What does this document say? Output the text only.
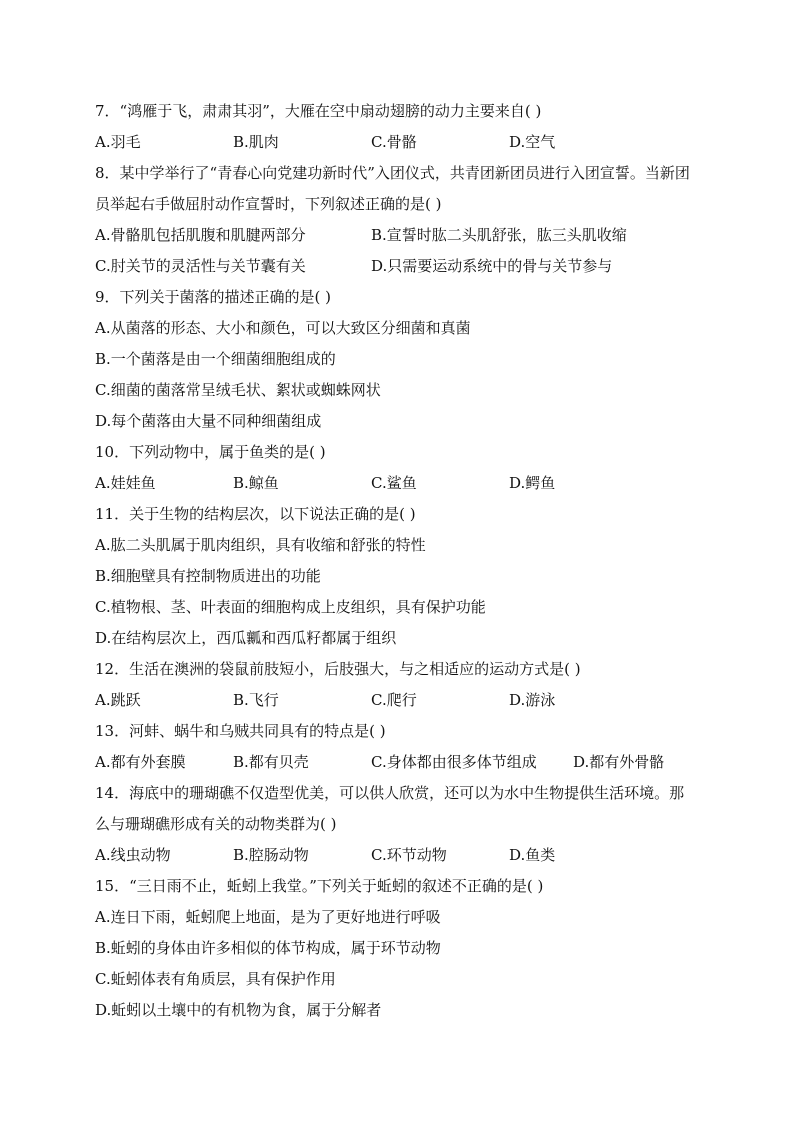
7．“鸿雁于飞，肃肃其羽”，大雁在空中扇动翅膀的动力主要来自( )
A.羽毛	B.肌肉	C.骨骼	D.空气
8．某中学举行了“青春心向党建功新时代”入团仪式，共青团新团员进行入团宣誓。当新团员举起右手做屈肘动作宣誓时，下列叙述正确的是( )
A.骨骼肌包括肌腹和肌腱两部分	B.宣誓时肱二头肌舒张，肱三头肌收缩
C.肘关节的灵活性与关节囊有关	D.只需要运动系统中的骨与关节参与
9．下列关于菌落的描述正确的是( )
A.从菌落的形态、大小和颜色，可以大致区分细菌和真菌
B.一个菌落是由一个细菌细胞组成的
C.细菌的菌落常呈绒毛状、絮状或蜘蛛网状
D.每个菌落由大量不同种细菌组成
10．下列动物中，属于鱼类的是( )
A.娃娃鱼	B.鲸鱼	C.鲨鱼	D.鳄鱼
11．关于生物的结构层次，以下说法正确的是( )
A.肱二头肌属于肌肉组织，具有收缩和舒张的特性
B.细胞壁具有控制物质进出的功能
C.植物根、茎、叶表面的细胞构成上皮组织，具有保护功能
D.在结构层次上，西瓜瓤和西瓜籽都属于组织
12．生活在澳洲的袋鼠前肢短小，后肢强大，与之相适应的运动方式是( )
A.跳跃	B.飞行	C.爬行	D.游泳
13．河蚌、蜗牛和乌贼共同具有的特点是( )
A.都有外套膜	B.都有贝壳	C.身体都由很多体节组成 D.都有外骨骼
14．海底中的珊瑚礁不仅造型优美，可以供人欣赏，还可以为水中生物提供生活环境。那么与珊瑚礁形成有关的动物类群为( )
A.线虫动物	B.腔肠动物	C.环节动物	D.鱼类
15．“三日雨不止，蚯蚓上我堂。”下列关于蚯蚓的叙述不正确的是( )
A.连日下雨，蚯蚓爬上地面，是为了更好地进行呼吸
B.蚯蚓的身体由许多相似的体节构成，属于环节动物
C.蚯蚓体表有角质层，具有保护作用
D.蚯蚓以土壤中的有机物为食，属于分解者
